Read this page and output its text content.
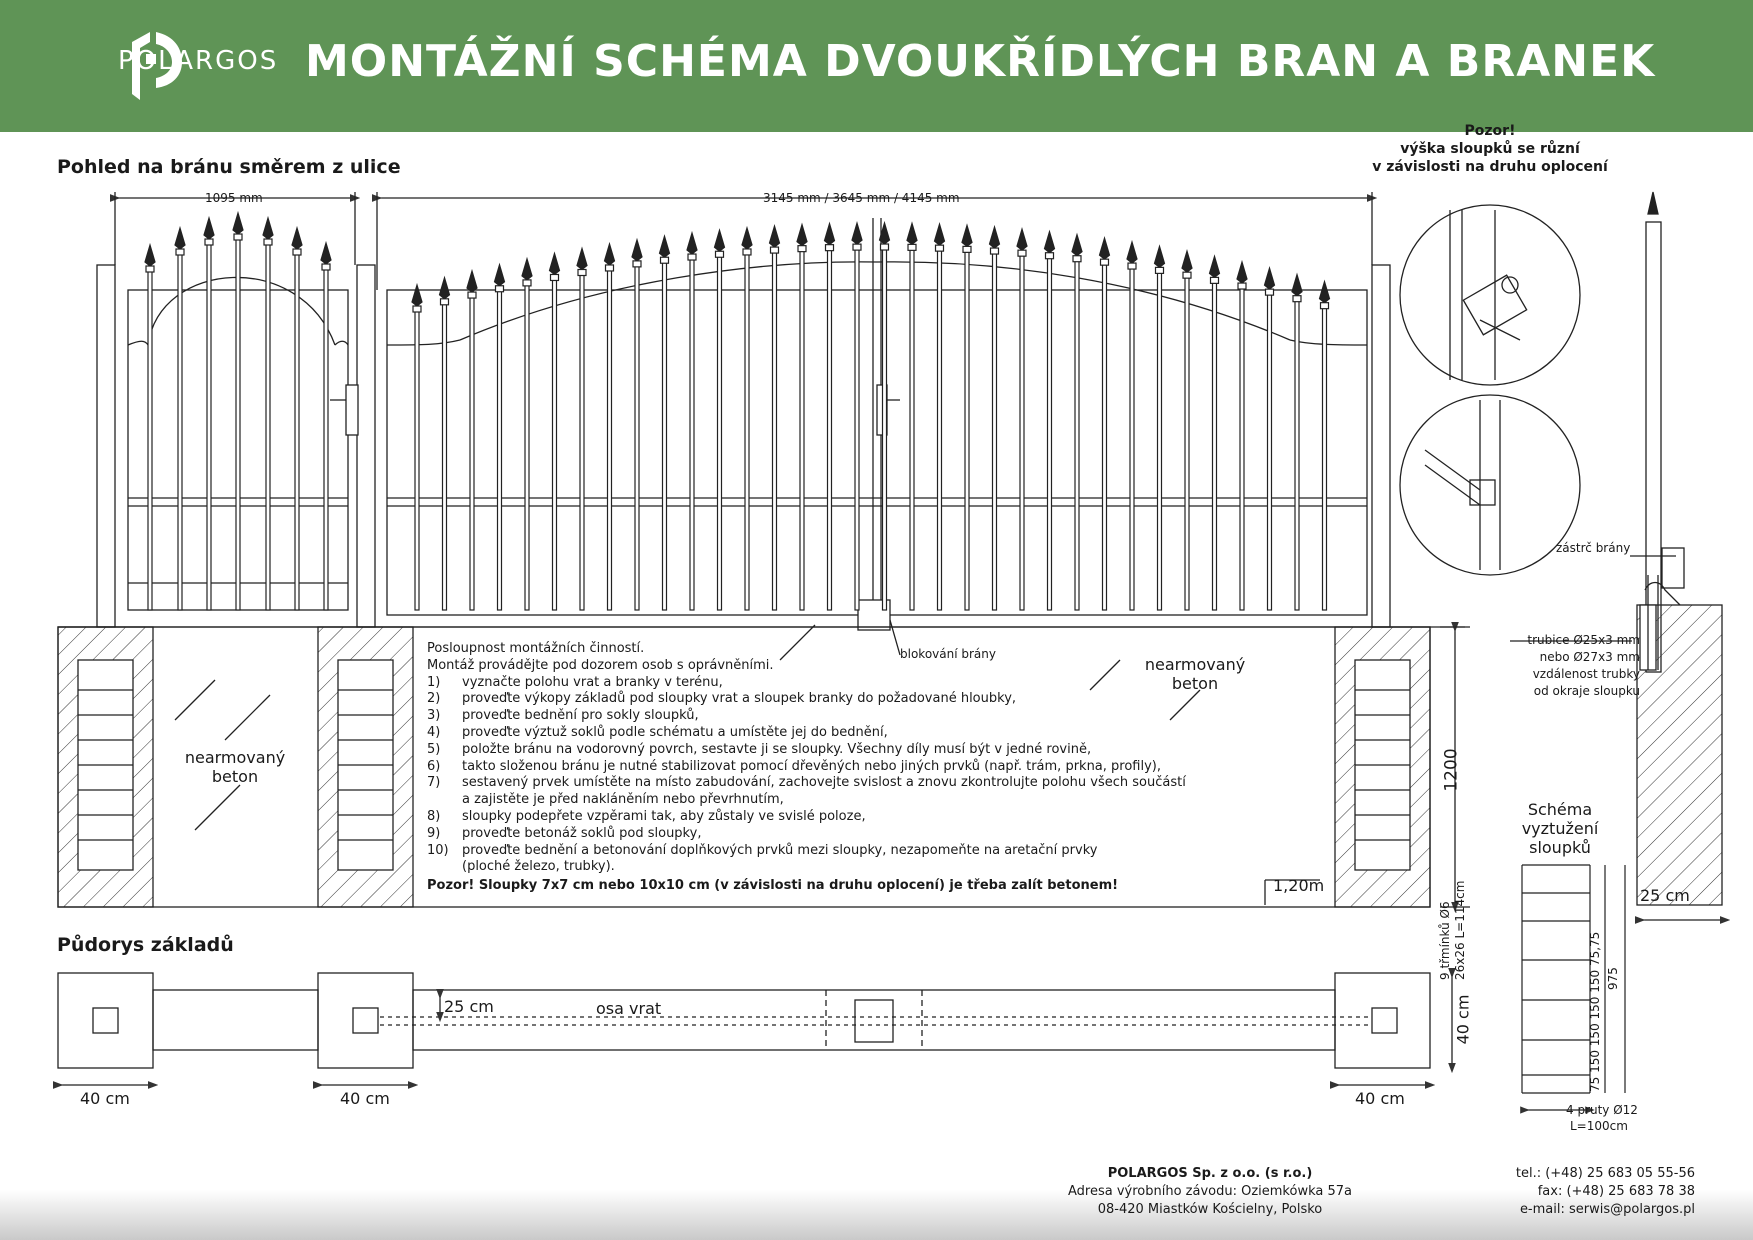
POLARGOS MONTÁŽNÍ SCHÉMA DVOUKŘÍDLÝCH BRAN A BRANEK
Pohled na bránu směrem z ulice
1095 mm	3145 mm / 3645 mm / 4145 mm
Pozor!
výška sloupků se různí
v závislosti na druhu oplocení
zástrč brány
trubice Ø25x3 mm
nebo Ø27x3 mm
vzdálenost trubky
od okraje sloupku
25 cm
blokování brány
nearmovaný
beton
nearmovaný
beton
1200
1,20m
Posloupnost montážních činností.
Montáž provádějte pod dozorem osob s oprávněními.
1)	vyznačte polohu vrat a branky v terénu,
2)	proveďte výkopy základů pod sloupky vrat a sloupek branky do požadované hloubky,
3)	proveďte bednění pro sokly sloupků,
4)	proveďte výztuž soklů podle schématu a umístěte jej do bednění,
5)	položte bránu na vodorovný povrch, sestavte ji se sloupky. Všechny díly musí být v jedné rovině,
6)	takto složenou bránu je nutné stabilizovat pomocí dřevěných nebo jiných prvků (např. trám, prkna, profily),
7)	sestavený prvek umístěte na místo zabudování, zachovejte svislost a znovu zkontrolujte polohu všech součástí
a zajistěte je před nakláněním nebo převrhnutím,
8)	sloupky podepřete vzpěrami tak, aby zůstaly ve svislé poloze,
9)	proveďte betonáž soklů pod sloupky,
10)	proveďte bednění a betonování doplňkových prvků mezi sloupky, nezapomeňte na aretační prvky
(ploché železo, trubky).
Pozor! Sloupky 7x7 cm nebo 10x10 cm (v závislosti na druhu oplocení) je třeba zalít betonem!
Schéma
vyztužení
sloupků
9 třmínků Ø6 26x26 L=114cm
75 150 150 150 150 75,75 975
4 pruty Ø12
L=100cm
Půdorys základů
25 cm	osa vrat	40 cm
40 cm	40 cm	40 cm
POLARGOS Sp. z o.o. (s r.o.)
Adresa výrobního závodu: Oziemkówka 57a
08-420 Miastków Kościelny, Polsko
tel.: (+48) 25 683 05 55-56
fax: (+48) 25 683 78 38
e-mail: serwis@polargos.pl
